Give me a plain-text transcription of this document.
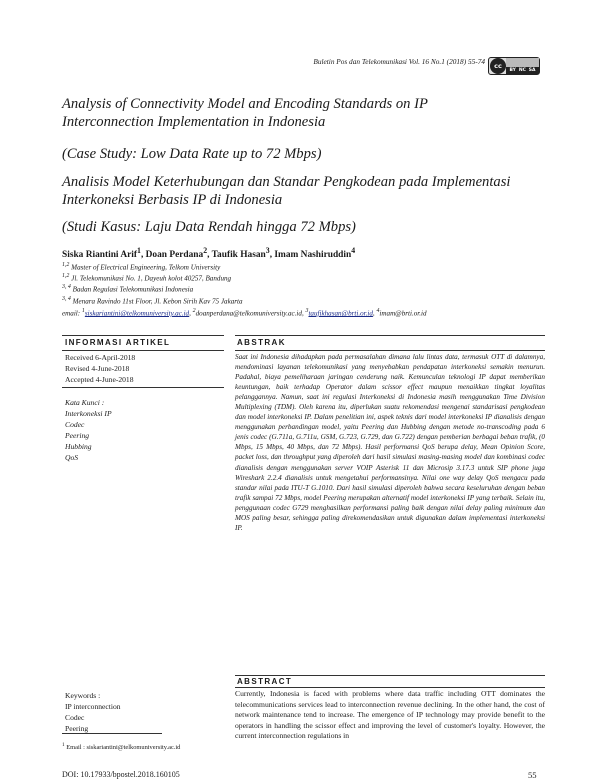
Buletin Pos dan Telekomunikasi Vol. 16 No.1 (2018) 55-74	cc
BY NC SA
Analysis of Connectivity Model and Encoding Standards on IP
Interconnection Implementation in Indonesia
(Case Study: Low Data Rate up to 72 Mbps)
Analisis Model Keterhubungan dan Standar Pengkodean pada Implementasi
Interkoneksi Berbasis IP di Indonesia
(Studi Kasus: Laju Data Rendah hingga 72 Mbps)
Siska Riantini Arif$^1$, Doan Perdana$^2$, Taufik Hasan$^3$, Imam Nashiruddin$^4$
$^{1,2}$ Master of Electrical Engineering, Telkom University
$^{1,2}$ Jl. Telekomunikasi No. 1, Dayeuh kolot 40257, Bandung
$^{3, 4}$ Badan Regulasi Telekomunikasi Indonesia
$^{3, 4}$ Menara Ravindo 11st Floor, Jl. Kebon Sirih Kav 75 Jakarta
email: $^1$siskariantini@telkomuniversity.ac.id, $^2$doanperdana@telkomuniversity.ac.id, $^3$taufikhasan@brti.or.id, $^4$imam@brti.or.id
INFORMASI ARTIKEL
Received 6-April-2018
Revised 4-June-2018
Accepted 4-June-2018
Kata Kunci :
Interkoneksi IP
Codec
Peering
Hubbing
QoS
Keywords :
IP interconnection
Codec
Peering
ABSTRAK
Saat ini Indonesia dihadapkan pada permasalahan dimana lalu lintas data, termasuk OTT di dalamnya, mendominasi layanan telekomunikasi yang menyebabkan pendapatan interkoneksi semakin menurun. Padahal, biaya pemeliharaan jaringan cenderung naik. Kemunculan teknologi IP dapat memberikan keuntungan, baik terhadap Operator dalam scissor effect maupun menaikkan tingkat loyalitas pelanggannya. Namun, saat ini regulasi Interkoneksi di Indonesia masih menggunakan Time Division Multiplexing (TDM). Oleh karena itu, diperlukan suatu rekomendasi mengenai standarisasi pengkodean dan model interkoneksi IP. Dalam penelitian ini, aspek teknis dari model interkoneksi IP dianalisis dengan menggunakan perbandingan model, yaitu Peering dan Hubbing dengan metode no-transcoding pada 6 jenis codec (G.711a, G.711u, GSM, G.723, G.729, dan G.722) dengan pemberian berbagai beban trafik, (0 Mbps, 15 Mbps, 40 Mbps, dan 72 Mbps). Hasil performansi QoS berupa delay, Mean Opinion Score, packet loss, dan throughput yang diperoleh dari hasil simulasi masing-masing model dan kombinasi codec dianalisis dengan menggunakan server VOIP Asterisk 11 dan Microsip 3.17.3 untuk SIP phone juga Wireshark 2.2.4 dianalisis untuk mengetahui performansinya. Nilai one way delay QoS mengacu pada standar nilai pada ITU-T G.1010. Dari hasil simulasi diperoleh bahwa secara keseluruhan dengan beban trafik sampai 72 Mbps, model Peering merupakan alternatif model interkoneksi IP yang terbaik. Selain itu, penggunaan codec G729 menghasilkan performansi paling baik dengan nilai delay paling minimum dan MOS paling besar, sehingga paling direkomendasikan untuk digunakan dalam implementasi interkoneksi IP.
ABSTRACT
Currently, Indonesia is faced with problems where data traffic including OTT dominates the telecommunications services lead to interconnection revenue declining. In the other hand, the cost of network maintenance tend to increase. The emergence of IP technology may provide benefit to the operators in handling the scissor effect and improving the level of customer's loyalty. However, the current interconnection regulations in
$^1$ Email : siskariantini@telkomuniversity.ac.id
DOI: 10.17933/bpostel.2018.160105	55
